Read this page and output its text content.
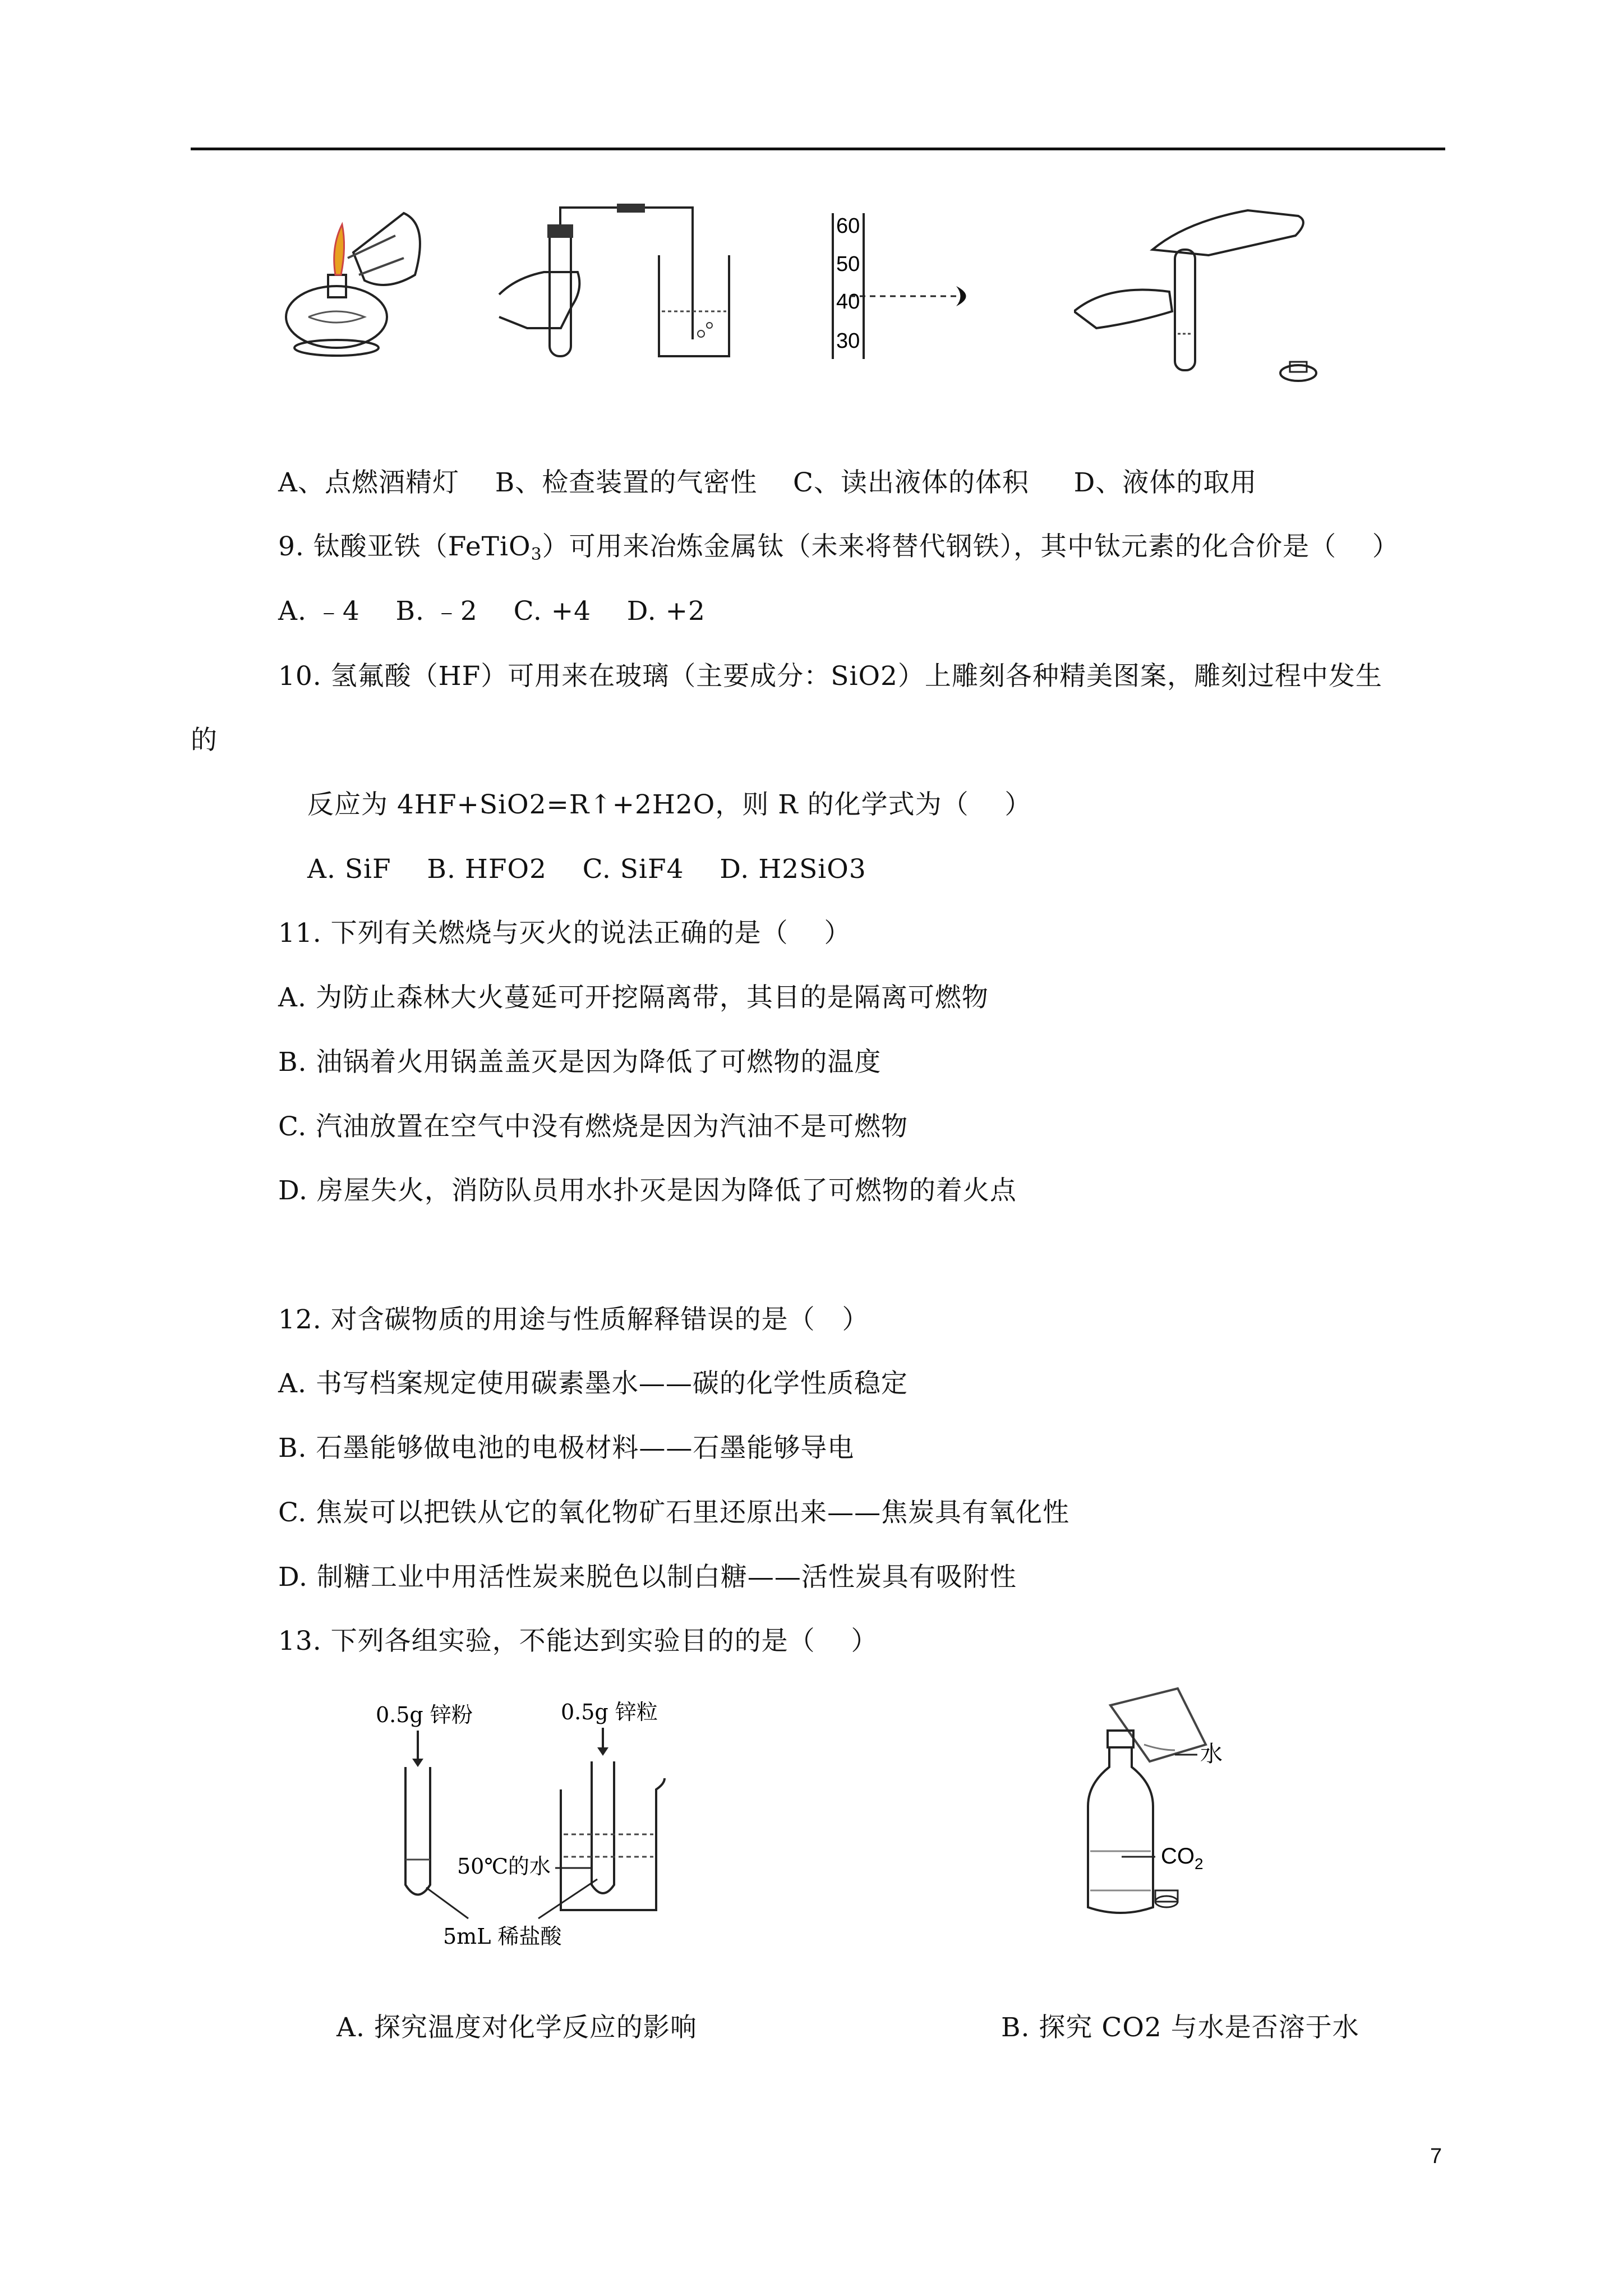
60
50
40
30
A、点燃酒精灯    B、检查装置的气密性    C、读出液体的体积     D、液体的取用
9. 钛酸亚铁（FeTiO$_3$）可用来冶炼金属钛（未来将替代钢铁），其中钛元素的化合价是（    ）
A. ﹣4    B. ﹣2    C. +4    D. +2
10. 氢氟酸（HF）可用来在玻璃（主要成分：SiO2）上雕刻各种精美图案，雕刻过程中发生
的
反应为 4HF+SiO2=R↑+2H2O，则 R 的化学式为（    ）
A. SiF    B. HFO2    C. SiF4    D. H2SiO3
11. 下列有关燃烧与灭火的说法正确的是（    ）
A. 为防止森林大火蔓延可开挖隔离带，其目的是隔离可燃物
B. 油锅着火用锅盖盖灭是因为降低了可燃物的温度
C. 汽油放置在空气中没有燃烧是因为汽油不是可燃物
D. 房屋失火，消防队员用水扑灭是因为降低了可燃物的着火点
12. 对含碳物质的用途与性质解释错误的是（   ）
A. 书写档案规定使用碳素墨水——碳的化学性质稳定
B. 石墨能够做电池的电极材料——石墨能够导电
C. 焦炭可以把铁从它的氧化物矿石里还原出来——焦炭具有氧化性
D. 制糖工业中用活性炭来脱色以制白糖——活性炭具有吸附性
13. 下列各组实验，不能达到实验目的的是（    ）
0.5g 锌粉	0.5g 锌粒
50℃的水
5mL 稀盐酸
水
$CO_2$
A. 探究温度对化学反应的影响	B. 探究 CO2 与水是否溶于水
7
